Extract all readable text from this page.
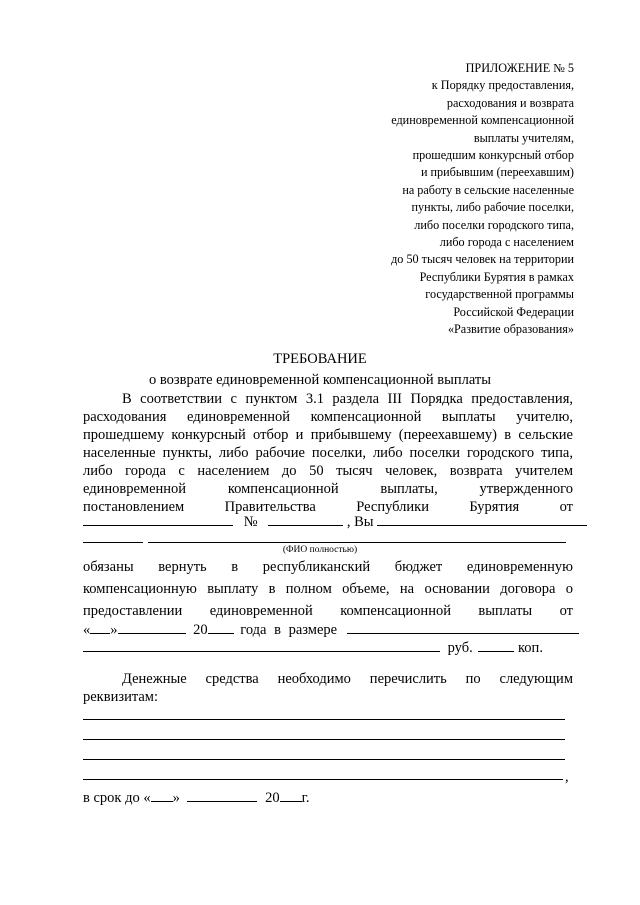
ПРИЛОЖЕНИЕ № 5
к Порядку предоставления,
расходования и возврата
единовременной компенсационной
выплаты учителям,
прошедшим конкурсный отбор
и прибывшим (переехавшим)
на работу в сельские населенные
пункты, либо рабочие поселки,
либо поселки городского типа,
либо города с населением
до 50 тысяч человек на территории
Республики Бурятия в рамках
государственной программы
Российской Федерации
«Развитие образования»
ТРЕБОВАНИЕ
о возврате единовременной компенсационной выплаты
В соответствии с пунктом 3.1 раздела III Порядка предоставления,
расходования единовременной компенсационной выплаты учителю,
прошедшему конкурсный отбор и прибывшему (переехавшему) в сельские
населенные пункты, либо рабочие поселки, либо поселки городского типа,
либо города с населением до 50 тысяч человек, возврата учителем
единовременной компенсационной выплаты, утвержденного
постановлением Правительства Республики Бурятия от
№	, Вы
(ФИО полностью)
обязаны вернуть в республиканский бюджет единовременную
компенсационную выплату в полном объеме, на основании договора о
предоставлении единовременной компенсационной выплаты от
« »	20 года в размере
руб.	коп.
Денежные средства необходимо перечислить по следующим
реквизитам:
,
в срок до « »	20 г.
